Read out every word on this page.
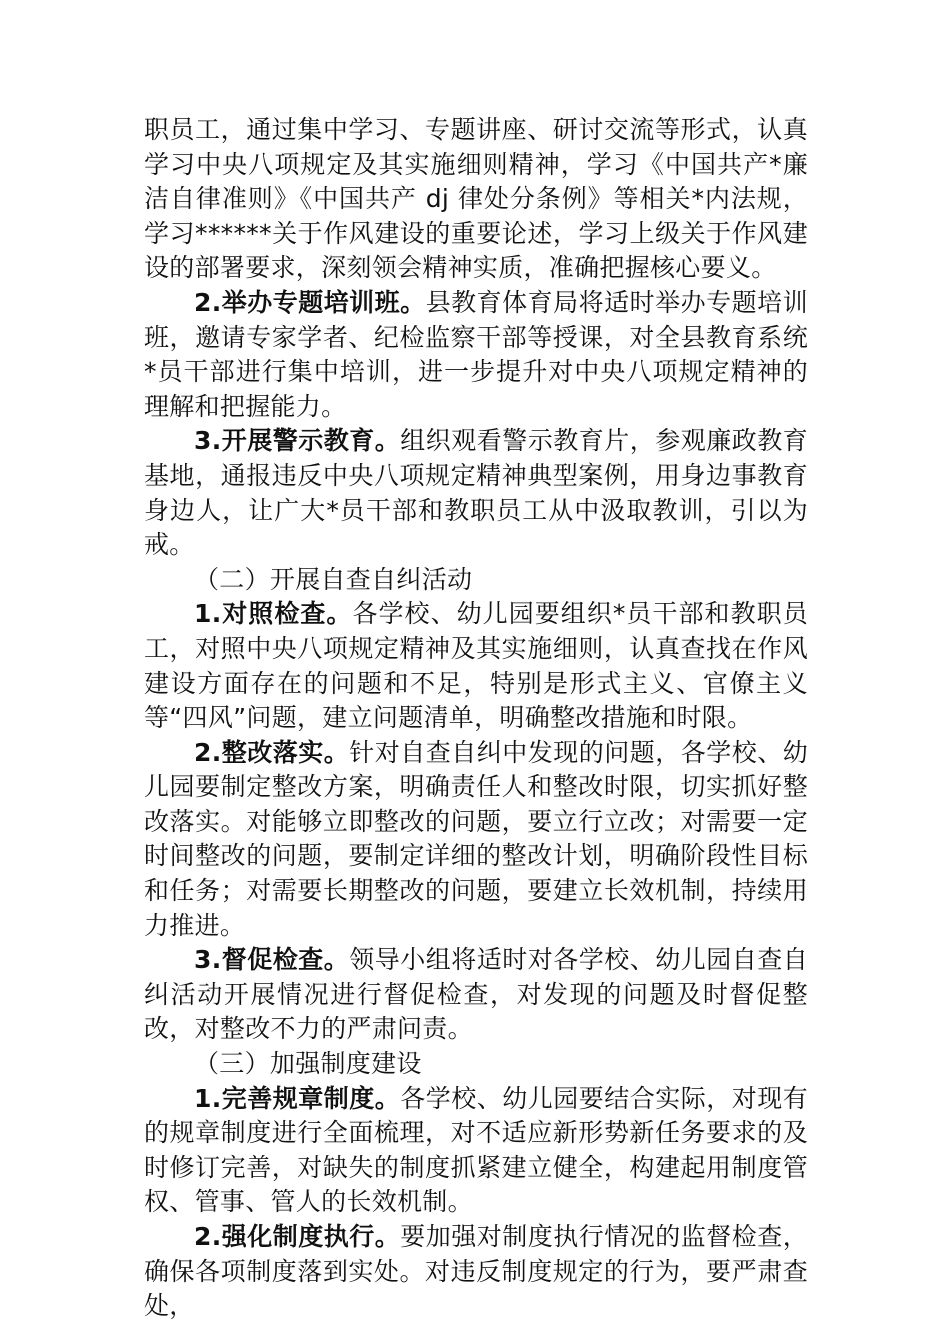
职员工，通过集中学习、专题讲座、研讨交流等形式，认真学习中央八项规定及其实施细则精神，学习《中国共产*廉洁自律准则》《中国共产 dj 律处分条例》等相关*内法规，学习******关于作风建设的重要论述，学习上级关于作风建设的部署要求，深刻领会精神实质，准确把握核心要义。

2.举办专题培训班。县教育体育局将适时举办专题培训班，邀请专家学者、纪检监察干部等授课，对全县教育系统*员干部进行集中培训，进一步提升对中央八项规定精神的理解和把握能力。

3.开展警示教育。组织观看警示教育片，参观廉政教育基地，通报违反中央八项规定精神典型案例，用身边事教育身边人，让广大*员干部和教职员工从中汲取教训，引以为戒。

（二）开展自查自纠活动

1.对照检查。各学校、幼儿园要组织*员干部和教职员工，对照中央八项规定精神及其实施细则，认真查找在作风建设方面存在的问题和不足，特别是形式主义、官僚主义等“四风”问题，建立问题清单，明确整改措施和时限。

2.整改落实。针对自查自纠中发现的问题，各学校、幼儿园要制定整改方案，明确责任人和整改时限，切实抓好整改落实。对能够立即整改的问题，要立行立改；对需要一定时间整改的问题，要制定详细的整改计划，明确阶段性目标和任务；对需要长期整改的问题，要建立长效机制，持续用力推进。

3.督促检查。领导小组将适时对各学校、幼儿园自查自纠活动开展情况进行督促检查，对发现的问题及时督促整改，对整改不力的严肃问责。

（三）加强制度建设

1.完善规章制度。各学校、幼儿园要结合实际，对现有的规章制度进行全面梳理，对不适应新形势新任务要求的及时修订完善，对缺失的制度抓紧建立健全，构建起用制度管权、管事、管人的长效机制。

2.强化制度执行。要加强对制度执行情况的监督检查，确保各项制度落到实处。对违反制度规定的行为，要严肃查处，
